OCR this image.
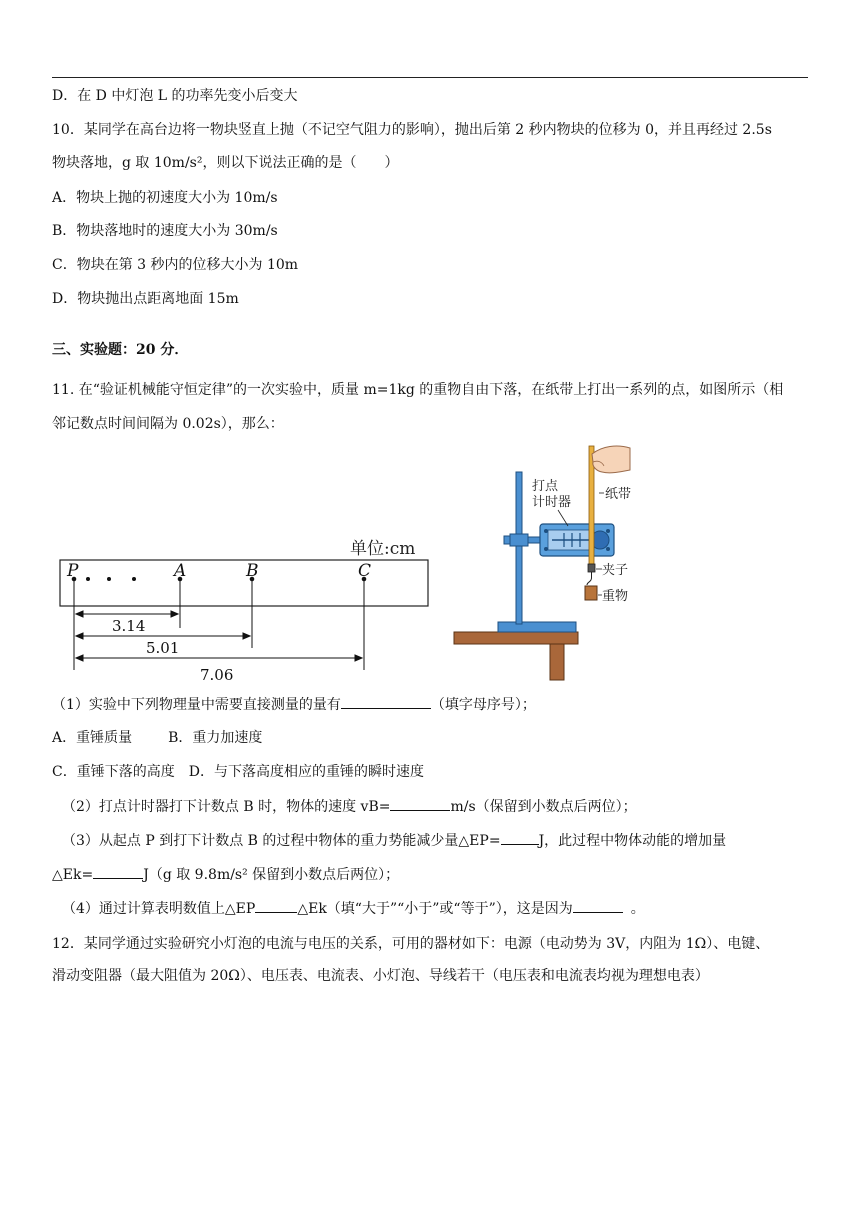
D．在 D 中灯泡 L 的功率先变小后变大
10．某同学在高台边将一物块竖直上抛（不记空气阻力的影响），抛出后第 2 秒内物块的位移为 0，并且再经过 2.5s
物块落地，g 取 10m/s²，则以下说法正确的是（　　）
A．物块上抛的初速度大小为 10m/s
B．物块落地时的速度大小为 30m/s
C．物块在第 3 秒内的位移大小为 10m
D．物块抛出点距离地面 15m
三、实验题：20 分．
11. 在“验证机械能守恒定律”的一次实验中，质量 m=1kg 的重物自由下落，在纸带上打出一系列的点，如图所示（相
邻记数点时间间隔为 0.02s），那么：
单位:cm
P	A	B	C
3.14
5.01
7.06
打点
计时器
纸带
夹子
重物
（1）实验中下列物理量中需要直接测量的量有	（填字母序号）；
A．重锤质量	B．重力加速度
C．重锤下落的高度 D．与下落高度相应的重锤的瞬时速度
（2）打点计时器打下计数点 B 时，物体的速度 vB=	m/s（保留到小数点后两位）；
（3）从起点 P 到打下计数点 B 的过程中物体的重力势能减少量△EP=	J，此过程中物体动能的增加量
△Ek=	J（g 取 9.8m/s² 保留到小数点后两位）；
（4）通过计算表明数值上△EP	△Ek（填“大于”“小于”或“等于”），这是因为	。
12．某同学通过实验研究小灯泡的电流与电压的关系，可用的器材如下：电源（电动势为 3V，内阻为 1Ω）、电键、
滑动变阻器（最大阻值为 20Ω）、电压表、电流表、小灯泡、导线若干（电压表和电流表均视为理想电表）
